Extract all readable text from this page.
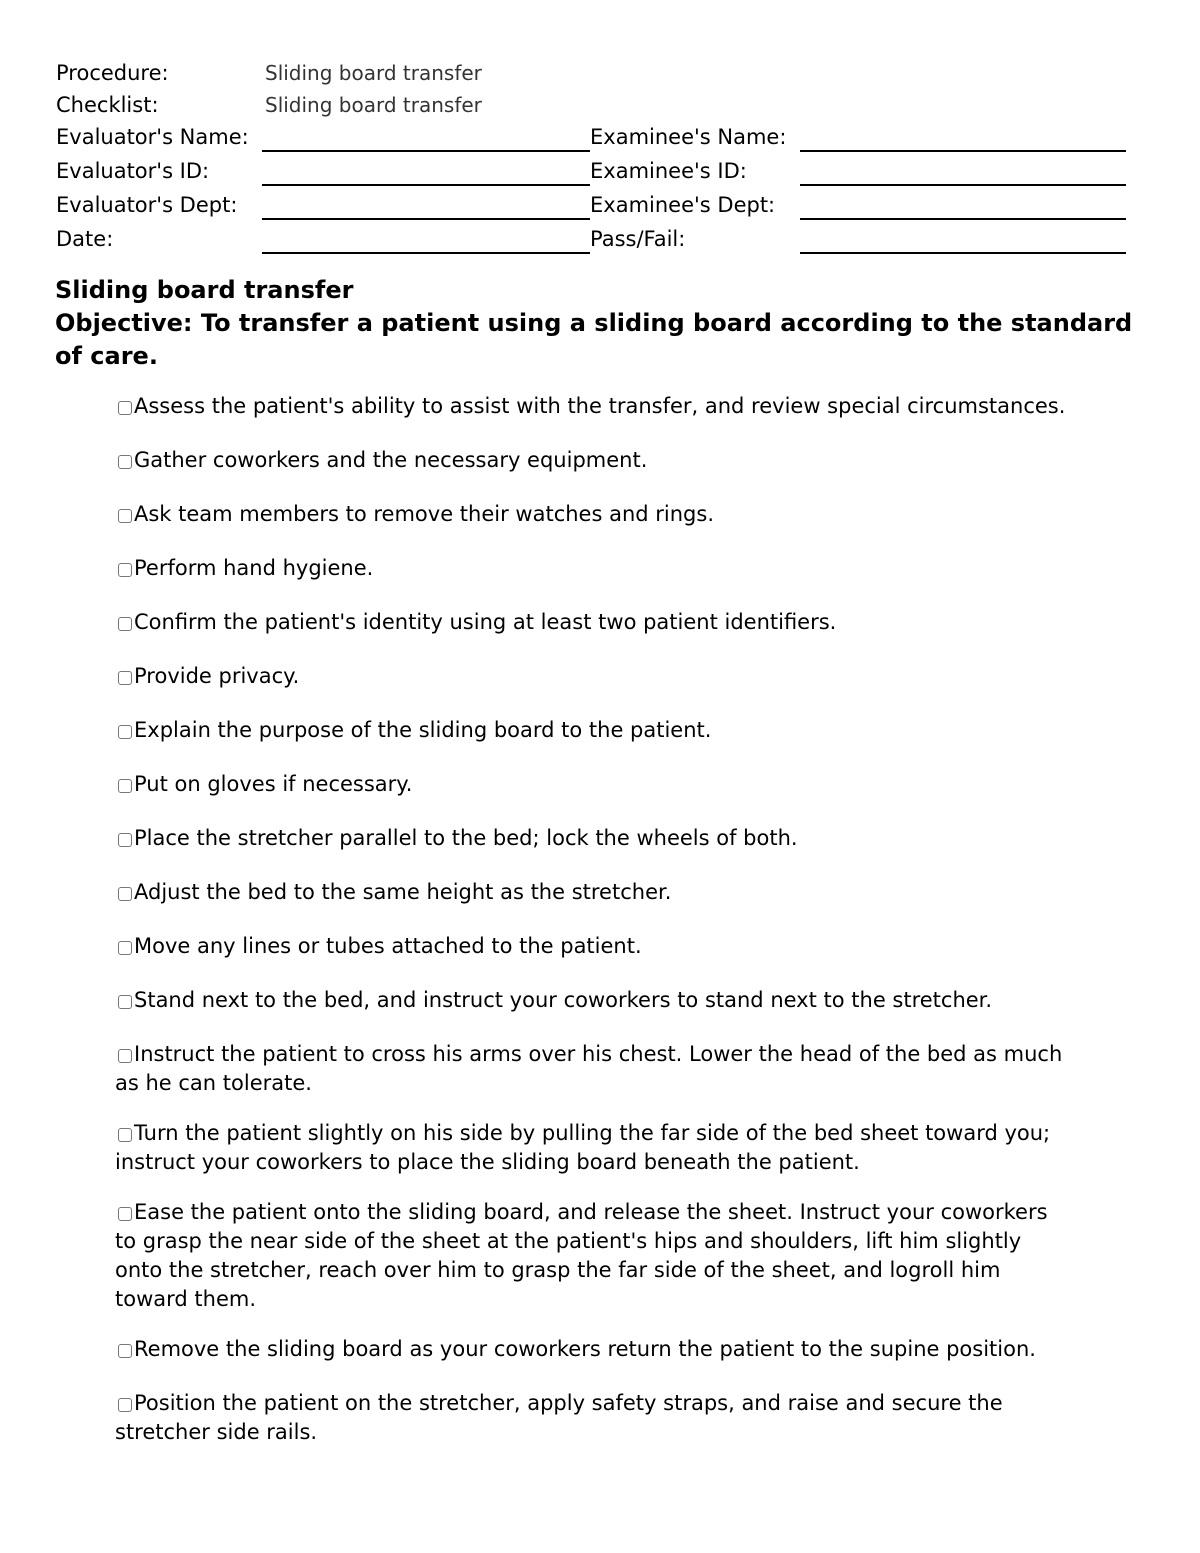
Procedure:	Sliding board transfer
Checklist:	Sliding board transfer
Evaluator's Name:	Examinee's Name:
Evaluator's ID:	Examinee's ID:
Evaluator's Dept:	Examinee's Dept:
Date:	Pass/Fail:
Sliding board transfer
Objective: To transfer a patient using a sliding board according to the standard of care.
Assess the patient's ability to assist with the transfer, and review special circumstances.
Gather coworkers and the necessary equipment.
Ask team members to remove their watches and rings.
Perform hand hygiene.
Confirm the patient's identity using at least two patient identifiers.
Provide privacy.
Explain the purpose of the sliding board to the patient.
Put on gloves if necessary.
Place the stretcher parallel to the bed; lock the wheels of both.
Adjust the bed to the same height as the stretcher.
Move any lines or tubes attached to the patient.
Stand next to the bed, and instruct your coworkers to stand next to the stretcher.
Instruct the patient to cross his arms over his chest. Lower the head of the bed as much as he can tolerate.
Turn the patient slightly on his side by pulling the far side of the bed sheet toward you; instruct your coworkers to place the sliding board beneath the patient.
Ease the patient onto the sliding board, and release the sheet. Instruct your coworkers to grasp the near side of the sheet at the patient's hips and shoulders, lift him slightly onto the stretcher, reach over him to grasp the far side of the sheet, and logroll him toward them.
Remove the sliding board as your coworkers return the patient to the supine position.
Position the patient on the stretcher, apply safety straps, and raise and secure the stretcher side rails.
